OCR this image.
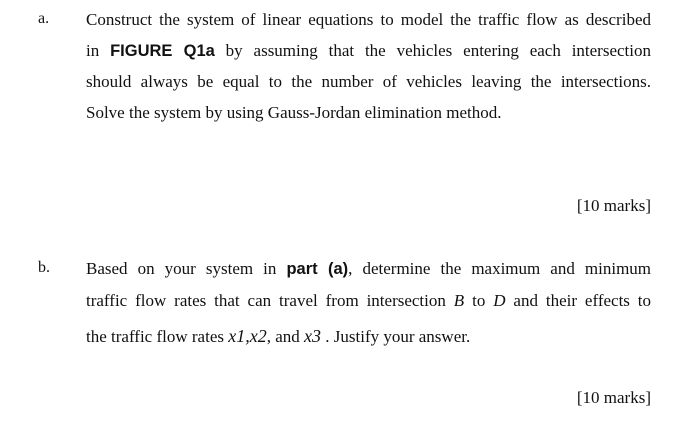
a. Construct the system of linear equations to model the traffic flow as described
in FIGURE Q1a by assuming that the vehicles entering each intersection
should always be equal to the number of vehicles leaving the intersections.
Solve the system by using Gauss-Jordan elimination method.
[10 marks]
b. Based on your system in part (a), determine the maximum and minimum
traffic flow rates that can travel from intersection B to D and their effects to
the traffic flow rates x1,x2, and x3 . Justify your answer.
[10 marks]
